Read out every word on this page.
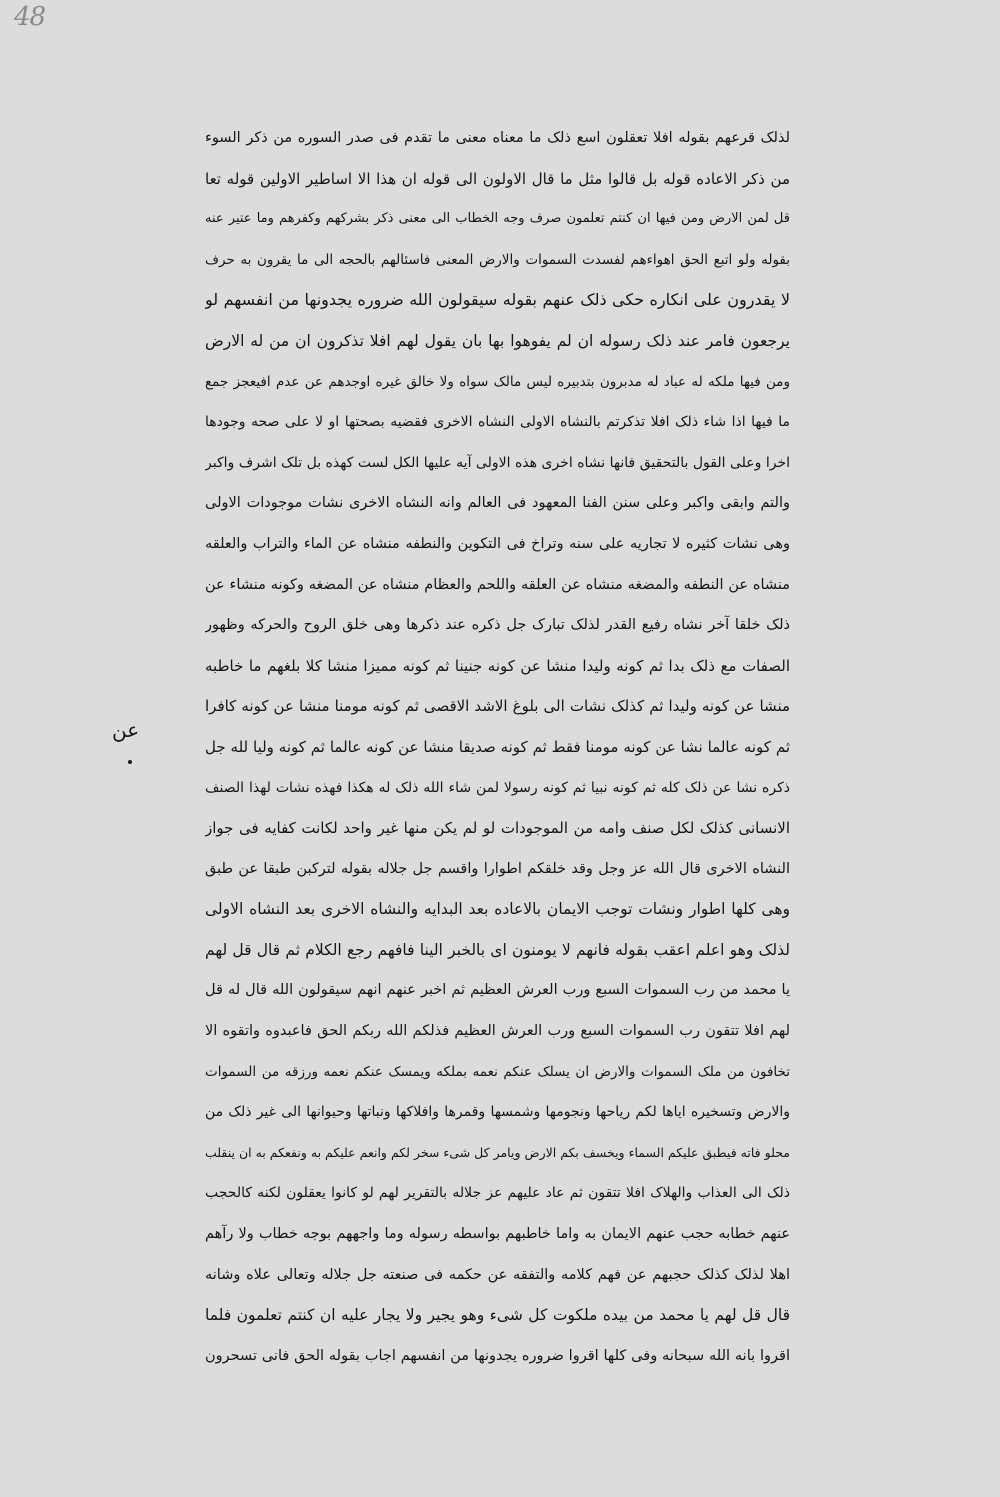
48
لذلک قرعهم بقوله افلا تعقلون اسع ذلک ما معناه معنى ما تقدم فی صدر السوره من ذکر السوء
من ذکر الاعاده قوله بل قالوا مثل ما قال الاولون الی قوله ان هذا الا اساطیر الاولین قوله تعا
قل لمن الارض ومن فیها ان کنتم تعلمون صرف وجه الخطاب الی معنی ذکر بشرکهم وکفرهم وما عتیر عنه
بقوله ولو اتبع الحق اهواءهم لفسدت السموات والارض المعنی فاسئالهم بالحجه الی ما یقرون به حرف
لا یقدرون علی انکاره حکی ذلک عنهم بقوله سیقولون الله ضروره یجدونها من انفسهم لو
یرجعون فامر عند ذلک رسوله ان لم یفوهوا بها بان یقول لهم افلا تذکرون ان من له الارض
ومن فیها ملکه له عباد له مدبرون بتدبیره لیس مالک سواه ولا خالق غیره اوجدهم عن عدم افیعجز جمع
ما فیها اذا شاء ذلک افلا تذکرتم بالنشاه الاولی النشاه الاخری فقضیه بصحتها او لا علی صحه وجودها
اخرا وعلی القول بالتحقیق فانها نشاه اخری هذه الاولی آیه علیها الکل لست کهذه بل تلک اشرف واکبر
والتم وابقی واکبر وعلی سنن الفنا المعهود فی العالم وانه النشاه الاخری نشات موجودات الاولی
وهی نشات کثیره لا تجاریه علی سنه وتراخ فی التکوین والنطفه منشاه عن الماء والتراب والعلقه
منشاه عن النطفه والمضغه منشاه عن العلقه واللحم والعظام منشاه عن المضغه وکونه منشاء عن
ذلک خلقا آخر نشاه رفیع القدر لذلک تبارک جل ذکره عند ذکرها وهی خلق الروح والحرکه وظهور
الصفات مع ذلک بدا ثم کونه ولیدا منشا عن کونه جنینا ثم کونه ممیزا منشا کلا بلغهم ما خاطبه
منشا عن کونه ولیدا ثم کذلک نشات الی بلوغ الاشد الاقصی ثم کونه مومنا منشا عن کونه کافرا
ثم کونه عالما نشا عن کونه مومنا فقط ثم کونه صدیقا منشا عن کونه عالما ثم کونه ولیا لله جل
ذکره نشا عن ذلک کله ثم کونه نبیا ثم کونه رسولا لمن شاء الله ذلک له هکذا فهذه نشات لهذا الصنف
الانسانی کذلک لکل صنف وامه من الموجودات لو لم یکن منها غیر واحد لکانت کفایه فی جواز
النشاه الاخری قال الله عز وجل وقد خلقکم اطوارا واقسم جل جلاله بقوله لترکبن طبقا عن طبق
وهی کلها اطوار ونشات توجب الایمان بالاعاده بعد البدایه والنشاه الاخری بعد النشاه الاولی
لذلک وهو اعلم اعقب بقوله فانهم لا یومنون ای بالخبر الینا فافهم رجع الکلام ثم قال قل لهم
یا محمد من رب السموات السبع ورب العرش العظیم ثم اخبر عنهم انهم سیقولون الله قال له قل
لهم افلا تتقون رب السموات السبع ورب العرش العظیم فذلکم الله ربکم الحق فاعبدوه واتقوه الا
تخافون من ملک السموات والارض ان یسلک عنکم نعمه بملکه ویمسک عنکم نعمه ورزقه من السموات
والارض وتسخیره ایاها لکم ریاحها ونجومها وشمسها وقمرها وافلاکها ونباتها وحیوانها الی غیر ذلک من
محلو فاته فیطبق علیکم السماء ویخسف بکم الارض ویامر کل شیء سخر لکم وانعم علیکم به ونفعکم به ان ینقلب
ذلک الی العذاب والهلاک افلا تتقون ثم عاد علیهم عز جلاله بالتقریر لهم لو کانوا یعقلون لکنه کالحجب
عنهم خطابه حجب عنهم الایمان به واما خاطبهم بواسطه رسوله وما واجههم بوجه خطاب ولا رآهم
اهلا لذلک کذلک حجبهم عن فهم کلامه والتفقه عن حکمه فی صنعته جل جلاله وتعالی علاه وشانه
قال قل لهم یا محمد من بیده ملکوت کل شیء وهو یجیر ولا یجار علیه ان کنتم تعلمون فلما
اقروا بانه الله سبحانه وفی کلها اقروا ضروره یجدونها من انفسهم اجاب بقوله الحق فانی تسحرون
عن
